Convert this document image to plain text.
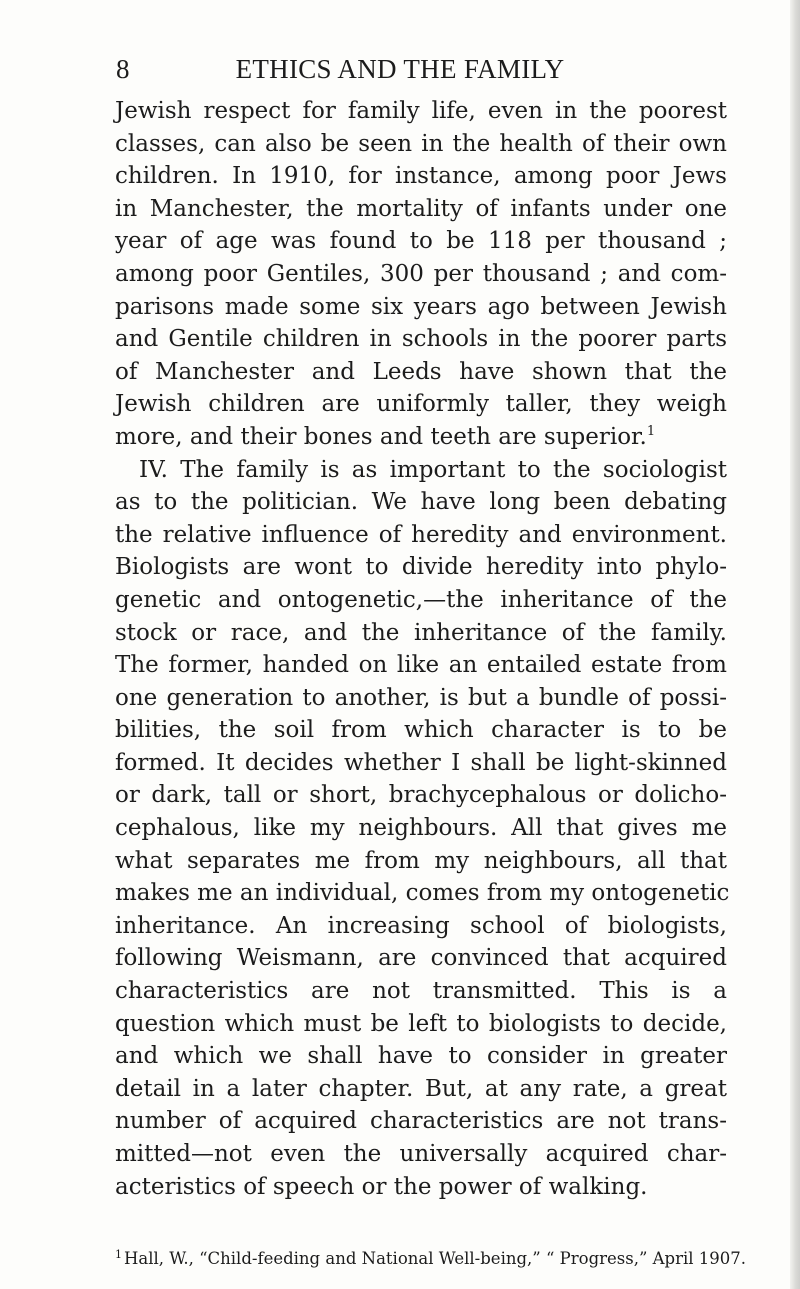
8	ETHICS AND THE FAMILY
Jewish respect for family life, even in the poorest
classes, can also be seen in the health of their own
children. In 1910, for instance, among poor Jews
in Manchester, the mortality of infants under one
year of age was found to be 118 per thousand ;
among poor Gentiles, 300 per thousand ; and com-
parisons made some six years ago between Jewish
and Gentile children in schools in the poorer parts
of Manchester and Leeds have shown that the
Jewish children are uniformly taller, they weigh
more, and their bones and teeth are superior.$^1$
IV. The family is as important to the sociologist
as to the politician. We have long been debating
the relative influence of heredity and environment.
Biologists are wont to divide heredity into phylo-
genetic and ontogenetic,—the inheritance of the
stock or race, and the inheritance of the family.
The former, handed on like an entailed estate from
one generation to another, is but a bundle of possi-
bilities, the soil from which character is to be
formed. It decides whether I shall be light-skinned
or dark, tall or short, brachycephalous or dolicho-
cephalous, like my neighbours. All that gives me
what separates me from my neighbours, all that
makes me an individual, comes from my ontogenetic
inheritance. An increasing school of biologists,
following Weismann, are convinced that acquired
characteristics are not transmitted. This is a
question which must be left to biologists to decide,
and which we shall have to consider in greater
detail in a later chapter. But, at any rate, a great
number of acquired characteristics are not trans-
mitted—not even the universally acquired char-
acteristics of speech or the power of walking.
$^1$ Hall, W., “Child-feeding and National Well-being,” “ Progress,” April 1907.
